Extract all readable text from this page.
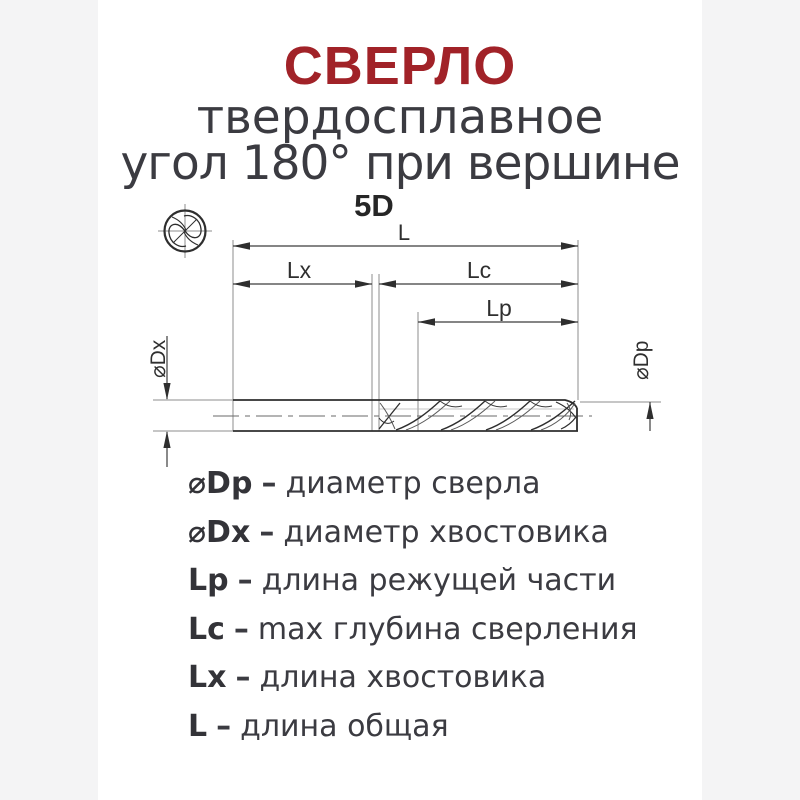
СВЕРЛО
твердосплавное
угол 180° при вершине
5D
L
Lx	Lc
Lp
⌀Dx	⌀Dp
⌀Dp – диаметр сверла
⌀Dx – диаметр хвостовика
Lp – длина режущей части
Lc – max глубина сверления
Lx – длина хвостовика
L – длина общая
